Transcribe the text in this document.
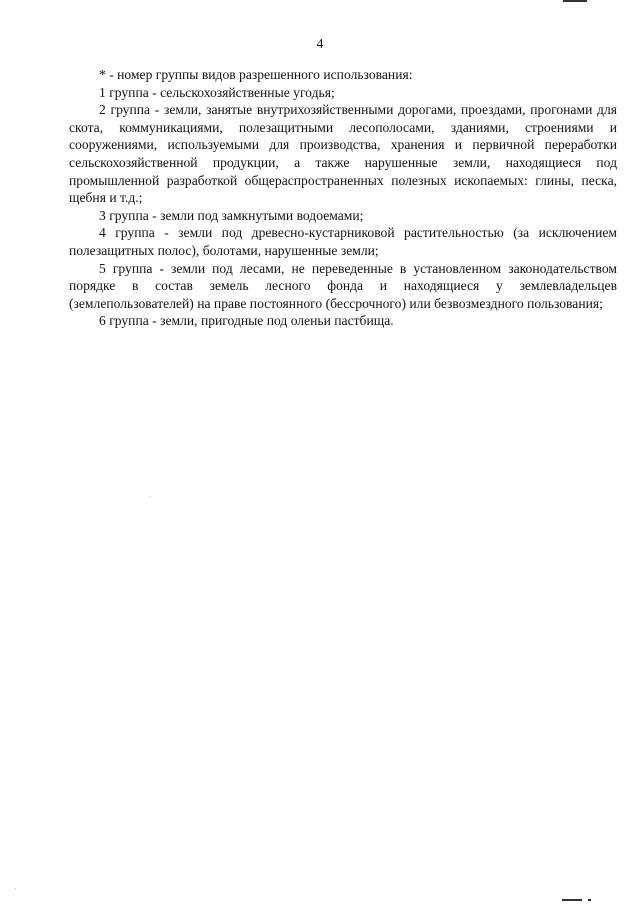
4

* - номер группы видов разрешенного использования:

1 группа - сельскохозяйственные угодья;

2 группа - земли, занятые внутрихозяйственными дорогами, проездами, прогонами для скота, коммуникациями, полезащитными лесополосами, зданиями, строениями и сооружениями, используемыми для производства, хранения и первичной переработки сельскохозяйственной продукции, а также нарушенные земли, находящиеся под промышленной разработкой общераспространенных полезных ископаемых: глины, песка, щебня и т.д.;

3 группа - земли под замкнутыми водоемами;

4 группа - земли под древесно-кустарниковой растительностью (за исключением полезащитных полос), болотами, нарушенные земли;

5 группа - земли под лесами, не переведенные в установленном законодательством порядке в состав земель лесного фонда и находящиеся у землевладельцев (землепользователей) на праве постоянного (бессрочного) или безвозмездного пользования;

6 группа - земли, пригодные под оленьи пастбища.
